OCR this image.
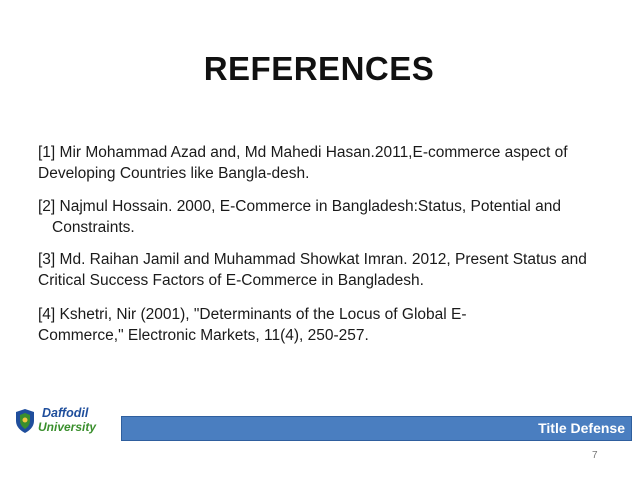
REFERENCES
[1] Mir Mohammad Azad and, Md Mahedi Hasan.2011,E-commerce aspect of Developing Countries like Bangla-desh.
[2] Najmul Hossain. 2000, E-Commerce in Bangladesh:Status, Potential and Constraints.
[3] Md. Raihan Jamil and Muhammad Showkat Imran. 2012, Present Status and Critical Success Factors of E-Commerce in Bangladesh.
[4] Kshetri, Nir (2001), "Determinants of the Locus of Global E-Commerce," Electronic Markets, 11(4), 250-257.
Daffodil
University	Title Defense
7
